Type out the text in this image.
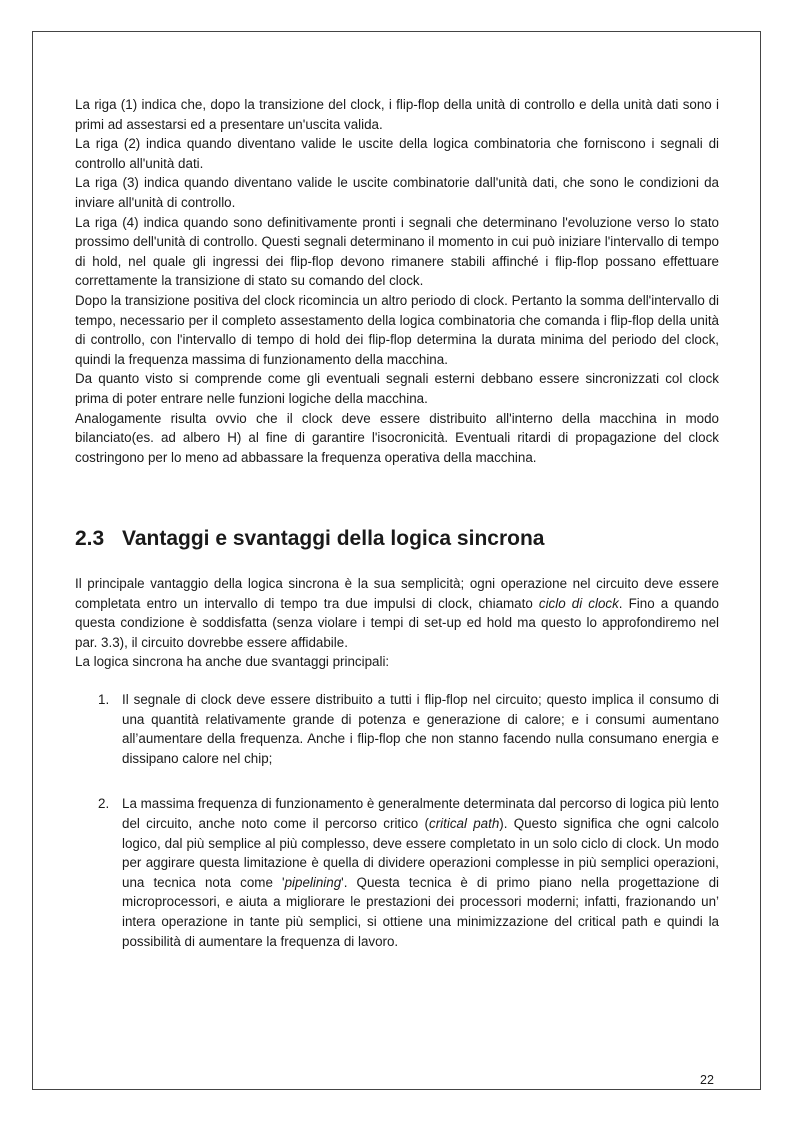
La riga (1) indica che, dopo la transizione del clock, i flip-flop della unità di controllo e della unità dati sono i primi ad assestarsi ed a presentare un'uscita valida.

La riga (2) indica quando diventano valide le uscite della logica combinatoria che forniscono i segnali di controllo all'unità dati.

La riga (3) indica quando diventano valide le uscite combinatorie dall'unità dati, che sono le condizioni da inviare all'unità di controllo.

La riga (4) indica quando sono definitivamente pronti i segnali che determinano l'evoluzione verso lo stato prossimo dell'unità di controllo. Questi segnali determinano il momento in cui può iniziare l'intervallo di tempo di hold, nel quale gli ingressi dei flip-flop devono rimanere stabili affinché i flip-flop possano effettuare correttamente la transizione di stato su comando del clock.

Dopo la transizione positiva del clock ricomincia un altro periodo di clock. Pertanto la somma dell'intervallo di tempo, necessario per il completo assestamento della logica combinatoria che comanda i flip-flop della unità di controllo, con l'intervallo di tempo di hold dei flip-flop determina la durata minima del periodo del clock, quindi la frequenza massima di funzionamento della macchina.

Da quanto visto si comprende come gli eventuali segnali esterni debbano essere sincronizzati col clock prima di poter entrare nelle funzioni logiche della macchina.

Analogamente risulta ovvio che il clock deve essere distribuito all'interno della macchina in modo bilanciato(es. ad albero H) al fine di garantire l'isocronicità. Eventuali ritardi di propagazione del clock costringono per lo meno ad abbassare la frequenza operativa della macchina.

2.3 Vantaggi e svantaggi della logica sincrona

Il principale vantaggio della logica sincrona è la sua semplicità; ogni operazione nel circuito deve essere completata entro un intervallo di tempo tra due impulsi di clock, chiamato ciclo di clock. Fino a quando questa condizione è soddisfatta (senza violare i tempi di set-up ed hold ma questo lo approfondiremo nel par. 3.3), il circuito dovrebbe essere affidabile.

La logica sincrona ha anche due svantaggi principali:

1. Il segnale di clock deve essere distribuito a tutti i flip-flop nel circuito; questo implica il consumo di una quantità relativamente grande di potenza e generazione di calore; e i consumi aumentano all’aumentare della frequenza. Anche i flip-flop che non stanno facendo nulla consumano energia e dissipano calore nel chip;
2. La massima frequenza di funzionamento è generalmente determinata dal percorso di logica più lento del circuito, anche noto come il percorso critico (critical path). Questo significa che ogni calcolo logico, dal più semplice al più complesso, deve essere completato in un solo ciclo di clock. Un modo per aggirare questa limitazione è quella di dividere operazioni complesse in più semplici operazioni, una tecnica nota come 'pipelining'. Questa tecnica è di primo piano nella progettazione di microprocessori, e aiuta a migliorare le prestazioni dei processori moderni; infatti, frazionando un’ intera operazione in tante più semplici, si ottiene una minimizzazione del critical path e quindi la possibilità di aumentare la frequenza di lavoro.
22
